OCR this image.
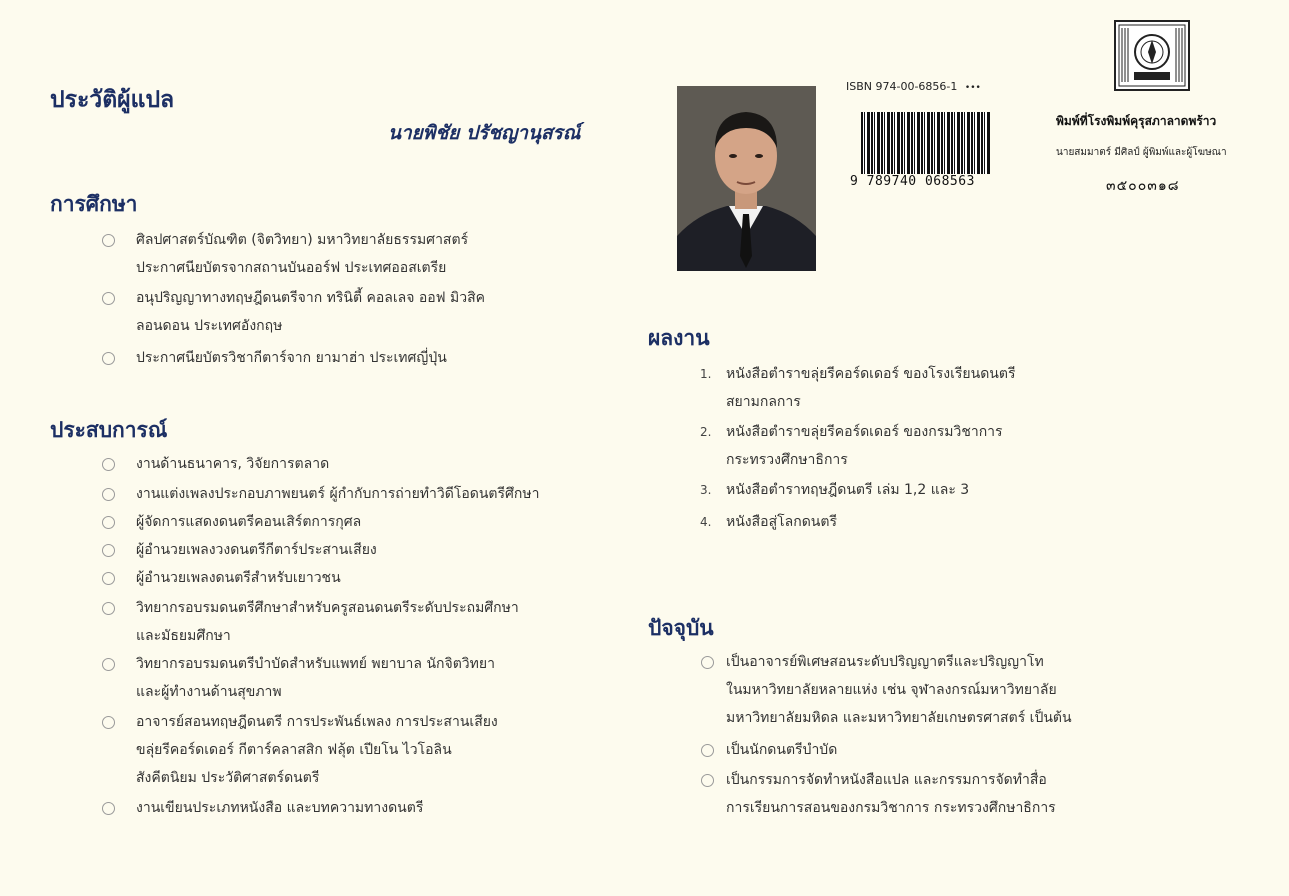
ประวัติผู้แปล
นายพิชัย ปรัชญานุสรณ์
การศึกษา
ศิลปศาสตร์บัณฑิต (จิตวิทยา) มหาวิทยาลัยธรรมศาสตร์
ประกาศนียบัตรจากสถานบันออร์ฟ ประเทศออสเตรีย
อนุปริญญาทางทฤษฎีดนตรีจาก ทรินิตี้ คอลเลจ ออฟ มิวสิค
ลอนดอน ประเทศอังกฤษ
ประกาศนียบัตรวิชากีตาร์จาก ยามาฮ่า ประเทศญี่ปุ่น
ประสบการณ์
งานด้านธนาคาร, วิจัยการตลาด
งานแต่งเพลงประกอบภาพยนตร์ ผู้กำกับการถ่ายทำวิดีโอดนตรีศึกษา
ผู้จัดการแสดงดนตรีคอนเสิร์ตการกุศล
ผู้อำนวยเพลงวงดนตรีกีตาร์ประสานเสียง
ผู้อำนวยเพลงดนตรีสำหรับเยาวชน
วิทยากรอบรมดนตรีศึกษาสำหรับครูสอนดนตรีระดับประถมศึกษา
และมัธยมศึกษา
วิทยากรอบรมดนตรีบำบัดสำหรับแพทย์ พยาบาล นักจิตวิทยา
และผู้ทำงานด้านสุขภาพ
อาจารย์สอนทฤษฎีดนตรี การประพันธ์เพลง การประสานเสียง
ขลุ่ยรีคอร์ดเดอร์ กีตาร์คลาสสิก ฟลุ้ต เปียโน ไวโอลิน
สังคีตนิยม ประวัติศาสตร์ดนตรี
งานเขียนประเภทหนังสือ และบทความทางดนตรี
ISBN 974-00-6856-1 •••
9 789740 068563
พิมพ์ที่โรงพิมพ์คุรุสภาลาดพร้าว
นายสมมาตร์ มีศิลป์ ผู้พิมพ์และผู้โฆษณา
๓๕๐๐๓๑๘
ผลงาน
1. หนังสือตำราขลุ่ยรีคอร์ดเดอร์ ของโรงเรียนดนตรี
สยามกลการ
2. หนังสือตำราขลุ่ยรีคอร์ดเดอร์ ของกรมวิชาการ
กระทรวงศึกษาธิการ
3. หนังสือตำราทฤษฎีดนตรี เล่ม 1,2 และ 3
4. หนังสือสู่โลกดนตรี
ปัจจุบัน
เป็นอาจารย์พิเศษสอนระดับปริญญาตรีและปริญญาโท
ในมหาวิทยาลัยหลายแห่ง เช่น จุฬาลงกรณ์มหาวิทยาลัย
มหาวิทยาลัยมหิดล และมหาวิทยาลัยเกษตรศาสตร์ เป็นต้น
เป็นนักดนตรีบำบัด
เป็นกรรมการจัดทำหนังสือแปล และกรรมการจัดทำสื่อ
การเรียนการสอนของกรมวิชาการ กระทรวงศึกษาธิการ
